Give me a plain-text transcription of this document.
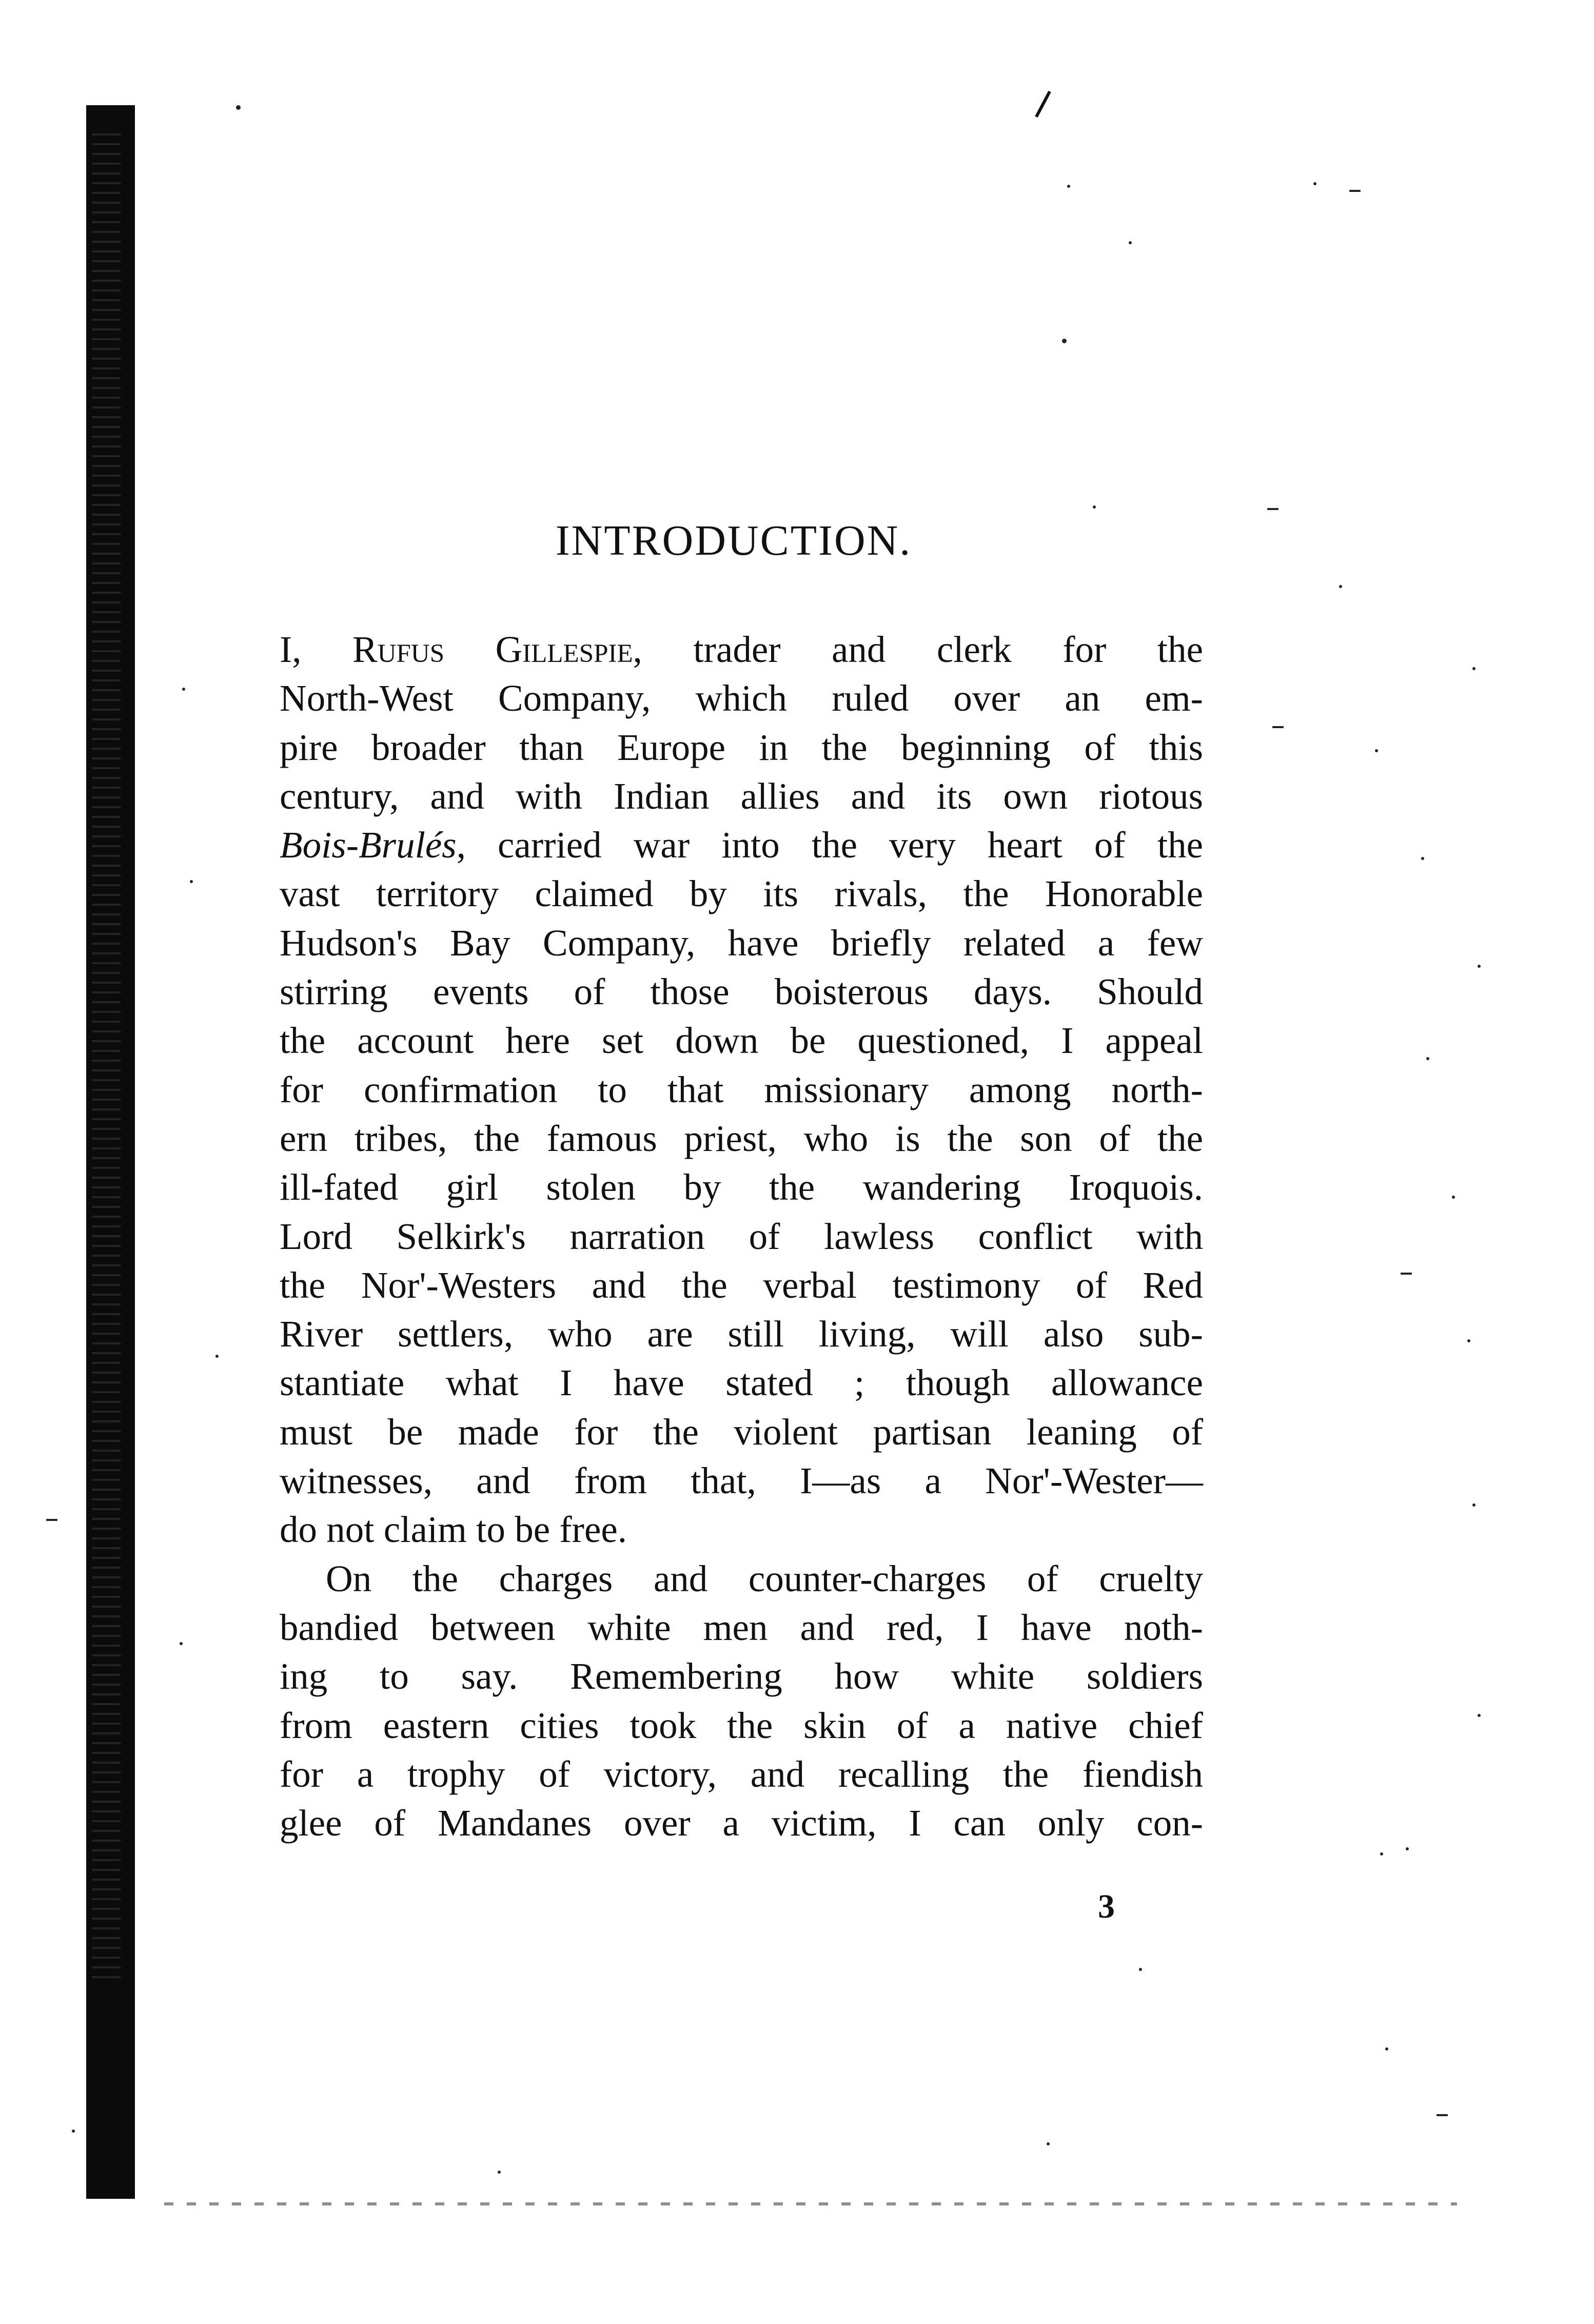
INTRODUCTION.
I, Rufus Gillespie, trader and clerk for the
North-West Company, which ruled over an em-
pire broader than Europe in the beginning of this
century, and with Indian allies and its own riotous
Bois-Brulés, carried war into the very heart of the
vast territory claimed by its rivals, the Honorable
Hudson's Bay Company, have briefly related a few
stirring events of those boisterous days. Should
the account here set down be questioned, I appeal
for confirmation to that missionary among north-
ern tribes, the famous priest, who is the son of the
ill-fated girl stolen by the wandering Iroquois.
Lord Selkirk's narration of lawless conflict with
the Nor'-Westers and the verbal testimony of Red
River settlers, who are still living, will also sub-
stantiate what I have stated ; though allowance
must be made for the violent partisan leaning of
witnesses, and from that, I—as a Nor'-Wester—
do not claim to be free.
On the charges and counter-charges of cruelty
bandied between white men and red, I have noth-
ing to say. Remembering how white soldiers
from eastern cities took the skin of a native chief
for a trophy of victory, and recalling the fiendish
glee of Mandanes over a victim, I can only con-
3
